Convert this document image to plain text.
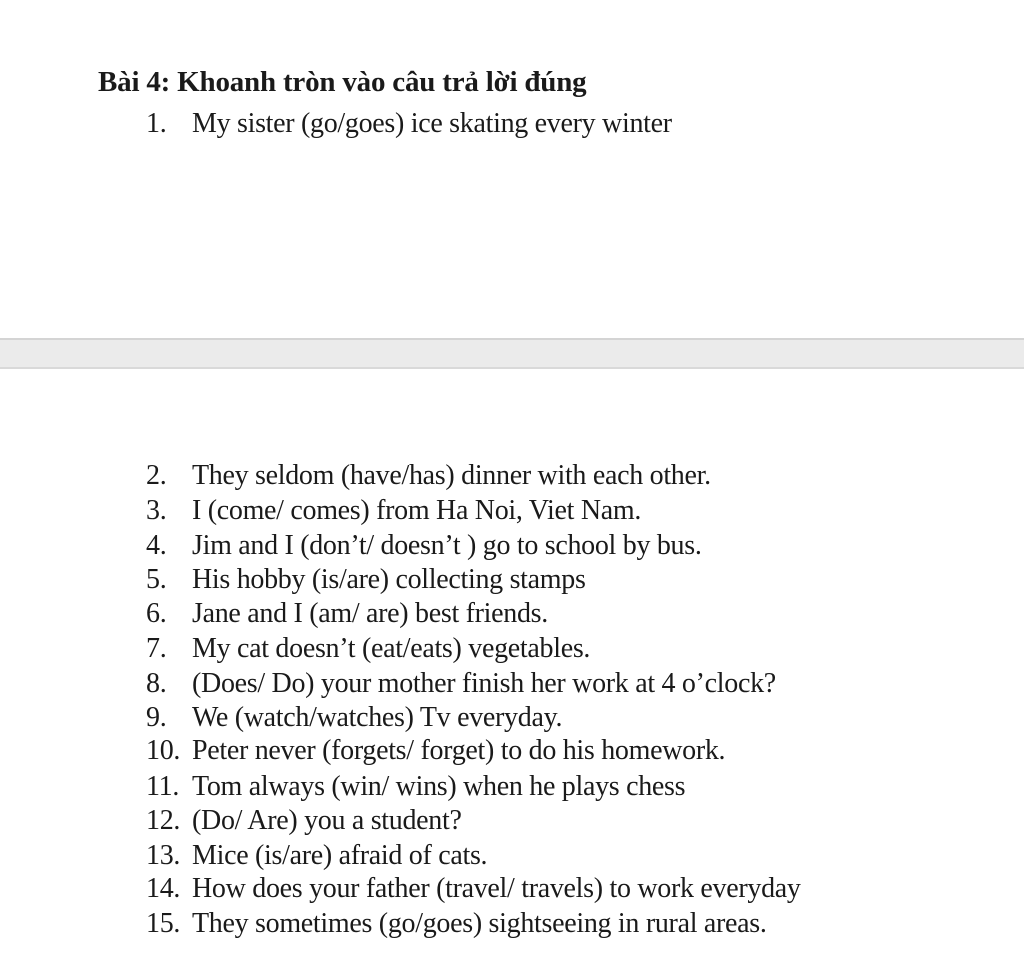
Bài 4: Khoanh tròn vào câu trả lời đúng
1. My sister (go/goes) ice skating every winter
2. They seldom (have/has) dinner with each other.
3. I (come/ comes) from Ha Noi, Viet Nam.
4. Jim and I (don’t/ doesn’t ) go to school by bus.
5. His hobby (is/are) collecting stamps
6. Jane and I (am/ are) best friends.
7. My cat doesn’t (eat/eats) vegetables.
8. (Does/ Do) your mother finish her work at 4 o’clock?
9. We (watch/watches) Tv everyday.
10. Peter never (forgets/ forget) to do his homework.
11. Tom always (win/ wins) when he plays chess
12. (Do/ Are) you a student?
13. Mice (is/are) afraid of cats.
14. How does your father (travel/ travels) to work everyday
15. They sometimes (go/goes) sightseeing in rural areas.
